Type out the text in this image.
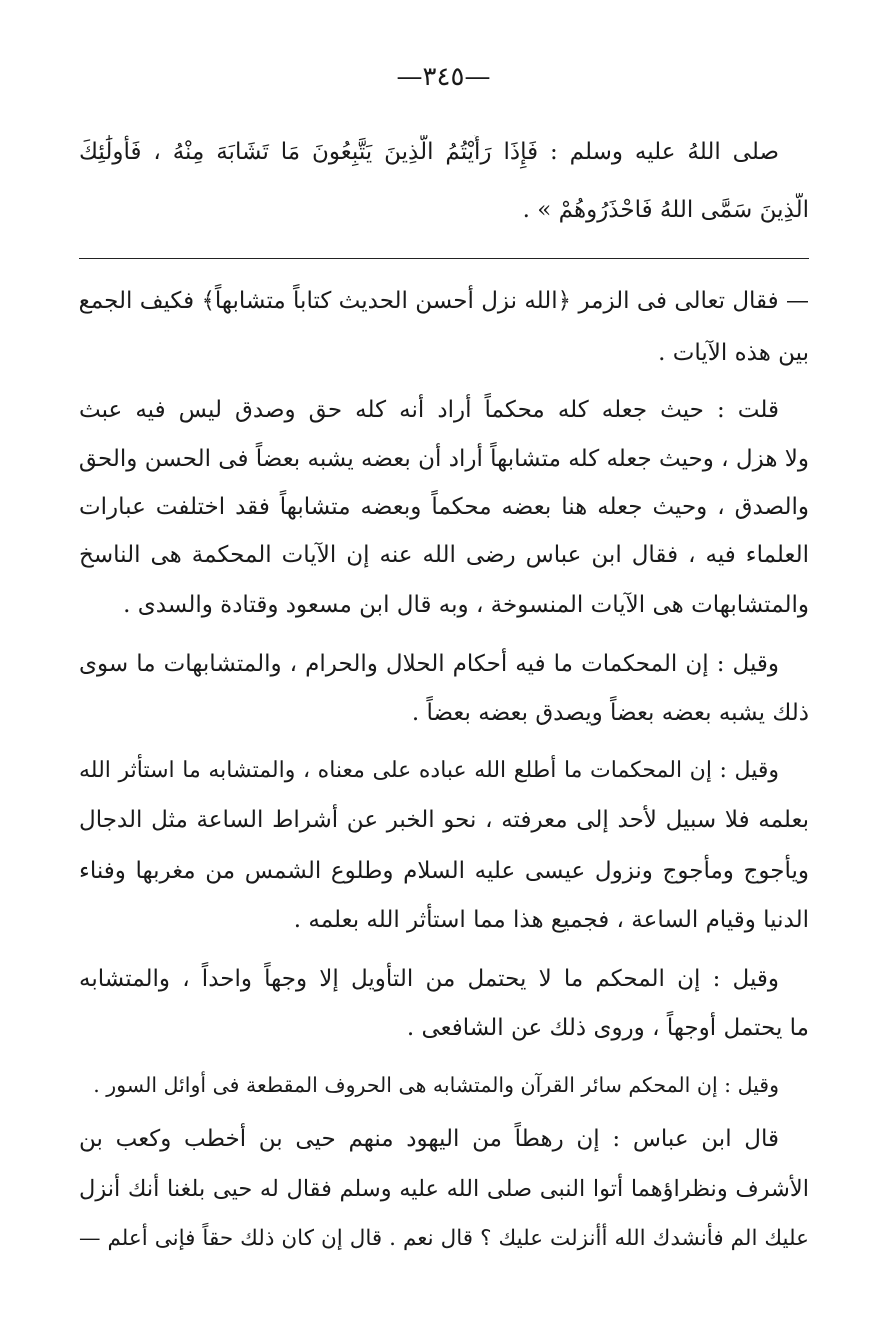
—٣٤٥—
صلى اللهُ عليه وسلم : فَإِذَا رَأَيْتُمُ الَّذِينَ يَتَّبِعُونَ مَا تَشَابَهَ مِنْهُ ، فَأُولَٰئِكَ
الَّذِينَ سَمَّى اللهُ فَاحْذَرُوهُمْ » .
— فقال تعالى فى الزمر ﴿الله نزل أحسن الحديث كتاباً متشابهاً﴾ فكيف الجمع
بين هذه الآيات .
قلت : حيث جعله كله محكماً أراد أنه كله حق وصدق ليس فيه عبث
ولا هزل ، وحيث جعله كله متشابهاً أراد أن بعضه يشبه بعضاً فى الحسن والحق
والصدق ، وحيث جعله هنا بعضه محكماً وبعضه متشابهاً فقد اختلفت عبارات
العلماء فيه ، فقال ابن عباس رضى الله عنه إن الآيات المحكمة هى الناسخ
والمتشابهات هى الآيات المنسوخة ، وبه قال ابن مسعود وقتادة والسدى .
وقيل : إن المحكمات ما فيه أحكام الحلال والحرام ، والمتشابهات ما سوى
ذلك يشبه بعضه بعضاً ويصدق بعضه بعضاً .
وقيل : إن المحكمات ما أطلع الله عباده على معناه ، والمتشابه ما استأثر الله
بعلمه فلا سبيل لأحد إلى معرفته ، نحو الخبر عن أشراط الساعة مثل الدجال
ويأجوج ومأجوج ونزول عيسى عليه السلام وطلوع الشمس من مغربها وفناء
الدنيا وقيام الساعة ، فجميع هذا مما استأثر الله بعلمه .
وقيل : إن المحكم ما لا يحتمل من التأويل إلا وجهاً واحداً ، والمتشابه
ما يحتمل أوجهاً ، وروى ذلك عن الشافعى .
وقيل : إن المحكم سائر القرآن والمتشابه هى الحروف المقطعة فى أوائل السور .
قال ابن عباس : إن رهطاً من اليهود منهم حيى بن أخطب وكعب بن
الأشرف ونظراؤهما أتوا النبى صلى الله عليه وسلم فقال له حيى بلغنا أنك أنزل
عليك الم فأنشدك الله أأنزلت عليك ؟ قال نعم . قال إن كان ذلك حقاً فإنى أعلم —
